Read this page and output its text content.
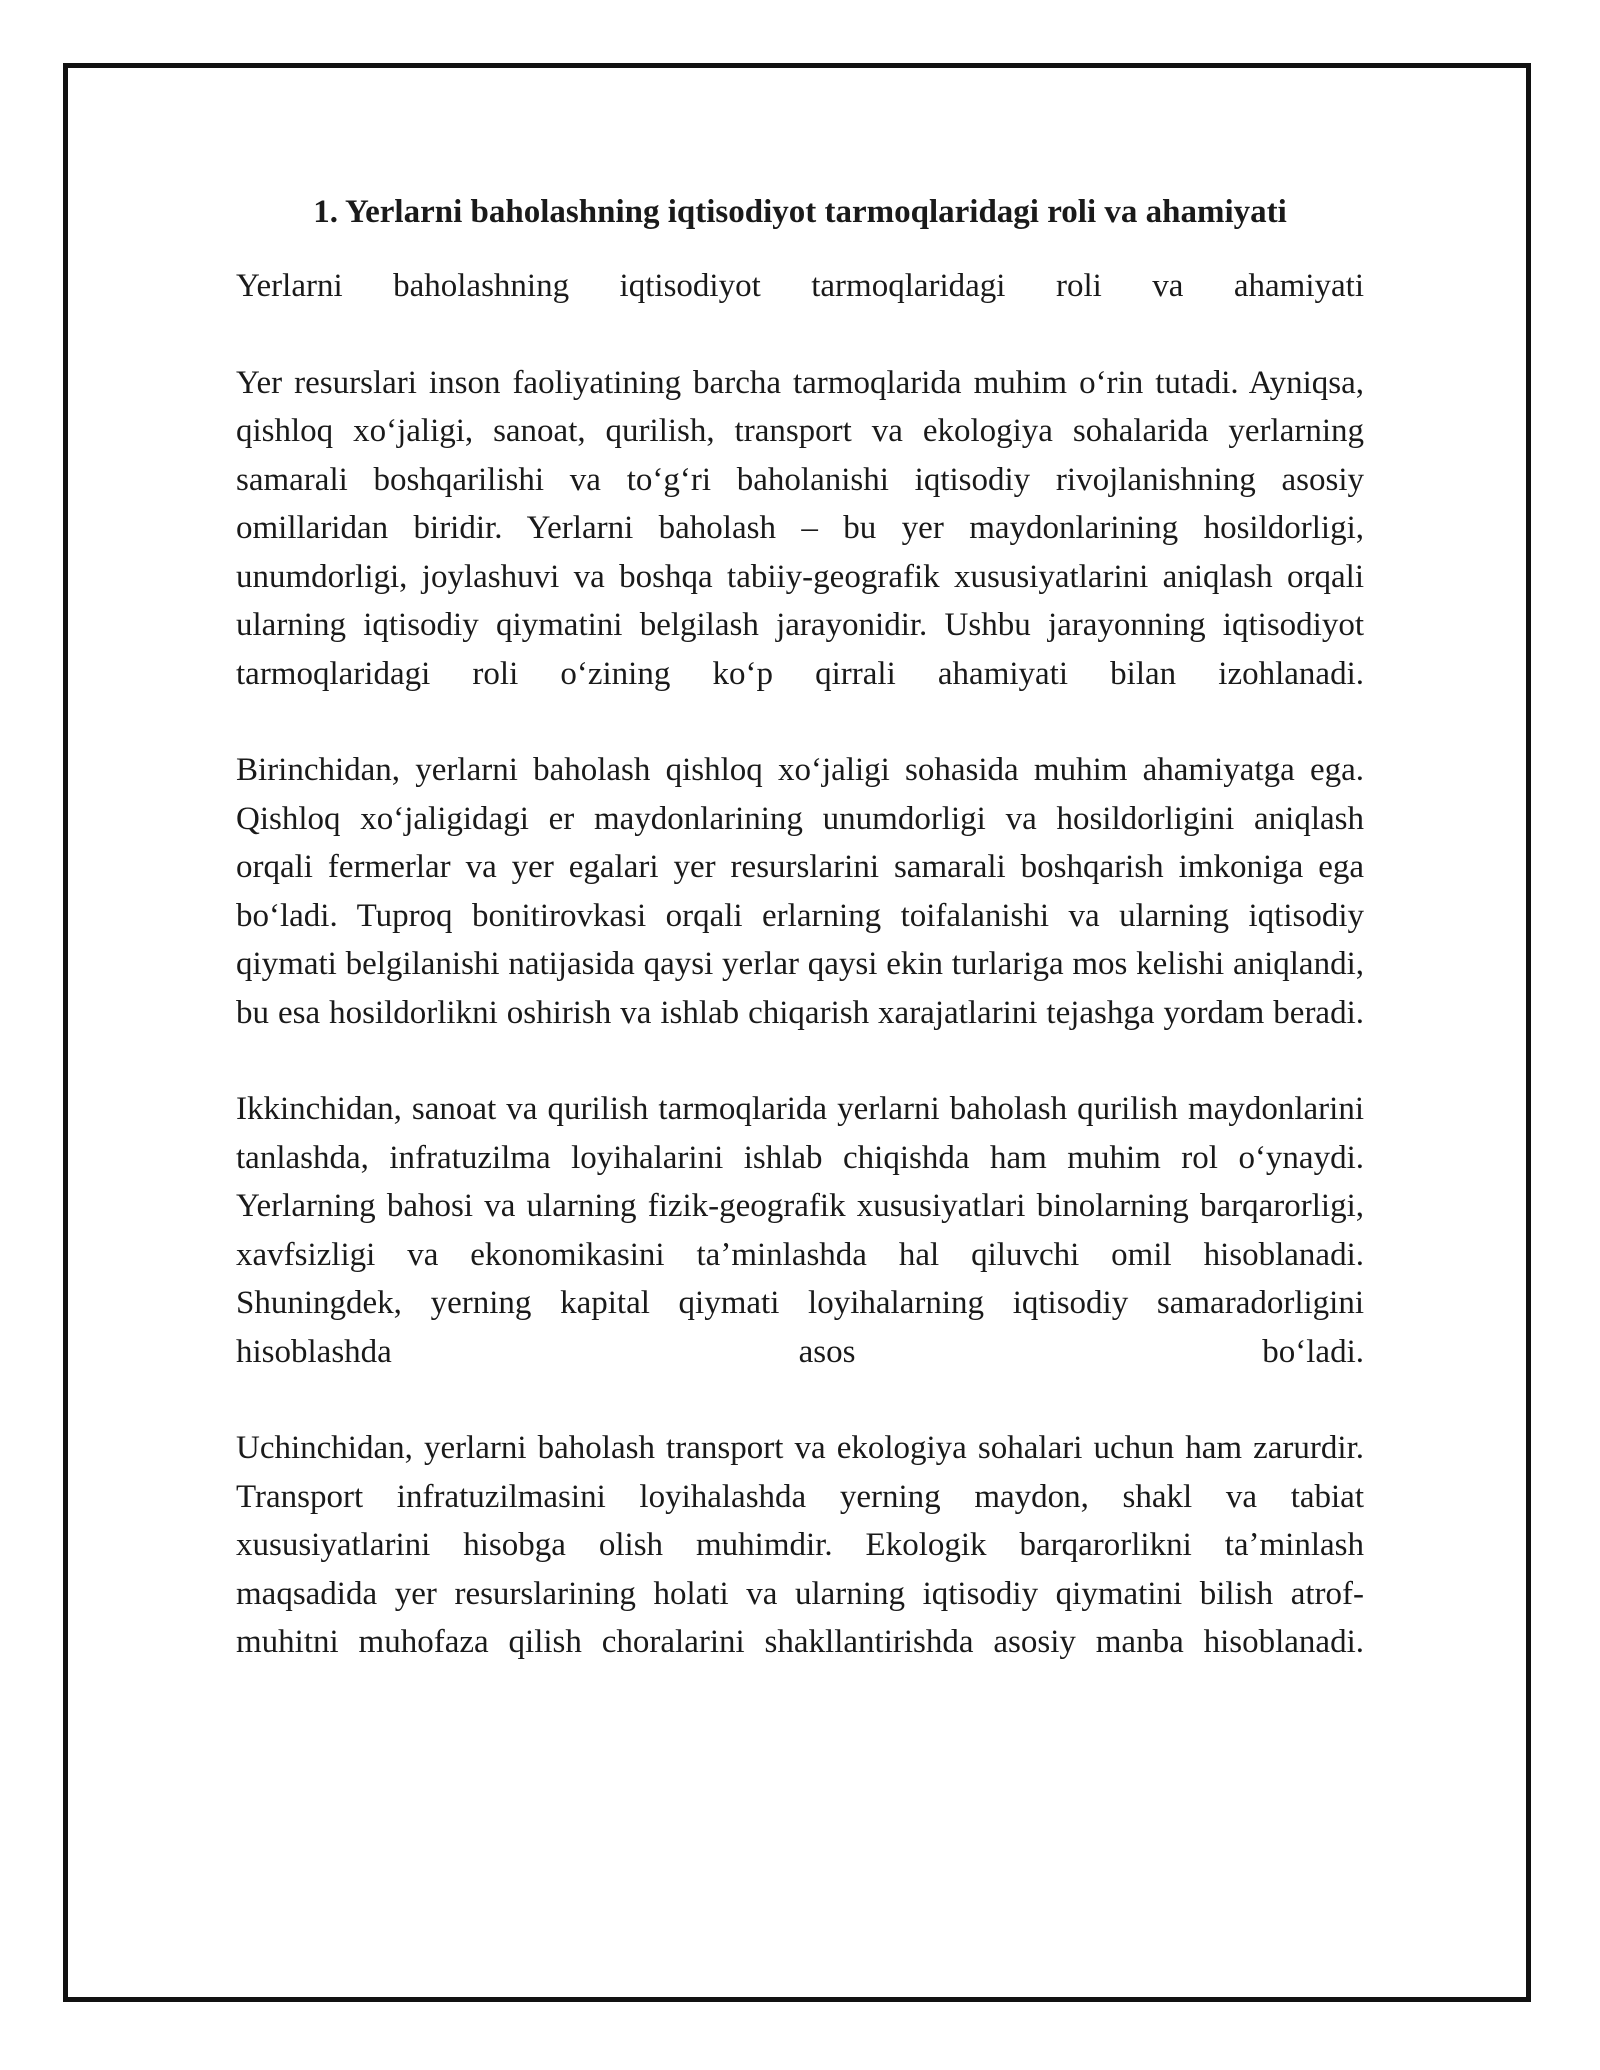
1. Yerlarni baholashning iqtisodiyot tarmoqlaridagi roli va ahamiyati

Yerlarni baholashning iqtisodiyot tarmoqlaridagi roli va ahamiyati

Yer resurslari inson faoliyatining barcha tarmoqlarida muhim oʻrin tutadi. Ayniqsa, qishloq xoʻjaligi, sanoat, qurilish, transport va ekologiya sohalarida yerlarning samarali boshqarilishi va toʻgʻri baholanishi iqtisodiy rivojlanishning asosiy omillaridan biridir. Yerlarni baholash – bu yer maydonlarining hosildorligi, unumdorligi, joylashuvi va boshqa tabiiy-geografik xususiyatlarini aniqlash orqali ularning iqtisodiy qiymatini belgilash jarayonidir. Ushbu jarayonning iqtisodiyot tarmoqlaridagi roli oʻzining koʻp qirrali ahamiyati bilan izohlanadi.

Birinchidan, yerlarni baholash qishloq xoʻjaligi sohasida muhim ahamiyatga ega. Qishloq xoʻjaligidagi er maydonlarining unumdorligi va hosildorligini aniqlash orqali fermerlar va yer egalari yer resurslarini samarali boshqarish imkoniga ega boʻladi. Tuproq bonitirovkasi orqali erlarning toifalanishi va ularning iqtisodiy qiymati belgilanishi natijasida qaysi yerlar qaysi ekin turlariga mos kelishi aniqlandi, bu esa hosildorlikni oshirish va ishlab chiqarish xarajatlarini tejashga yordam beradi.

Ikkinchidan, sanoat va qurilish tarmoqlarida yerlarni baholash qurilish maydonlarini tanlashda, infratuzilma loyihalarini ishlab chiqishda ham muhim rol oʻynaydi. Yerlarning bahosi va ularning fizik-geografik xususiyatlari binolarning barqarorligi, xavfsizligi va ekonomikasini taʼminlashda hal qiluvchi omil hisoblanadi. Shuningdek, yerning kapital qiymati loyihalarning iqtisodiy samaradorligini hisoblashda asos boʻladi.

Uchinchidan, yerlarni baholash transport va ekologiya sohalari uchun ham zarurdir. Transport infratuzilmasini loyihalashda yerning maydon, shakl va tabiat xususiyatlarini hisobga olish muhimdir. Ekologik barqarorlikni taʼminlash maqsadida yer resurslarining holati va ularning iqtisodiy qiymatini bilish atrof-muhitni muhofaza qilish choralarini shakllantirishda asosiy manba hisoblanadi.
